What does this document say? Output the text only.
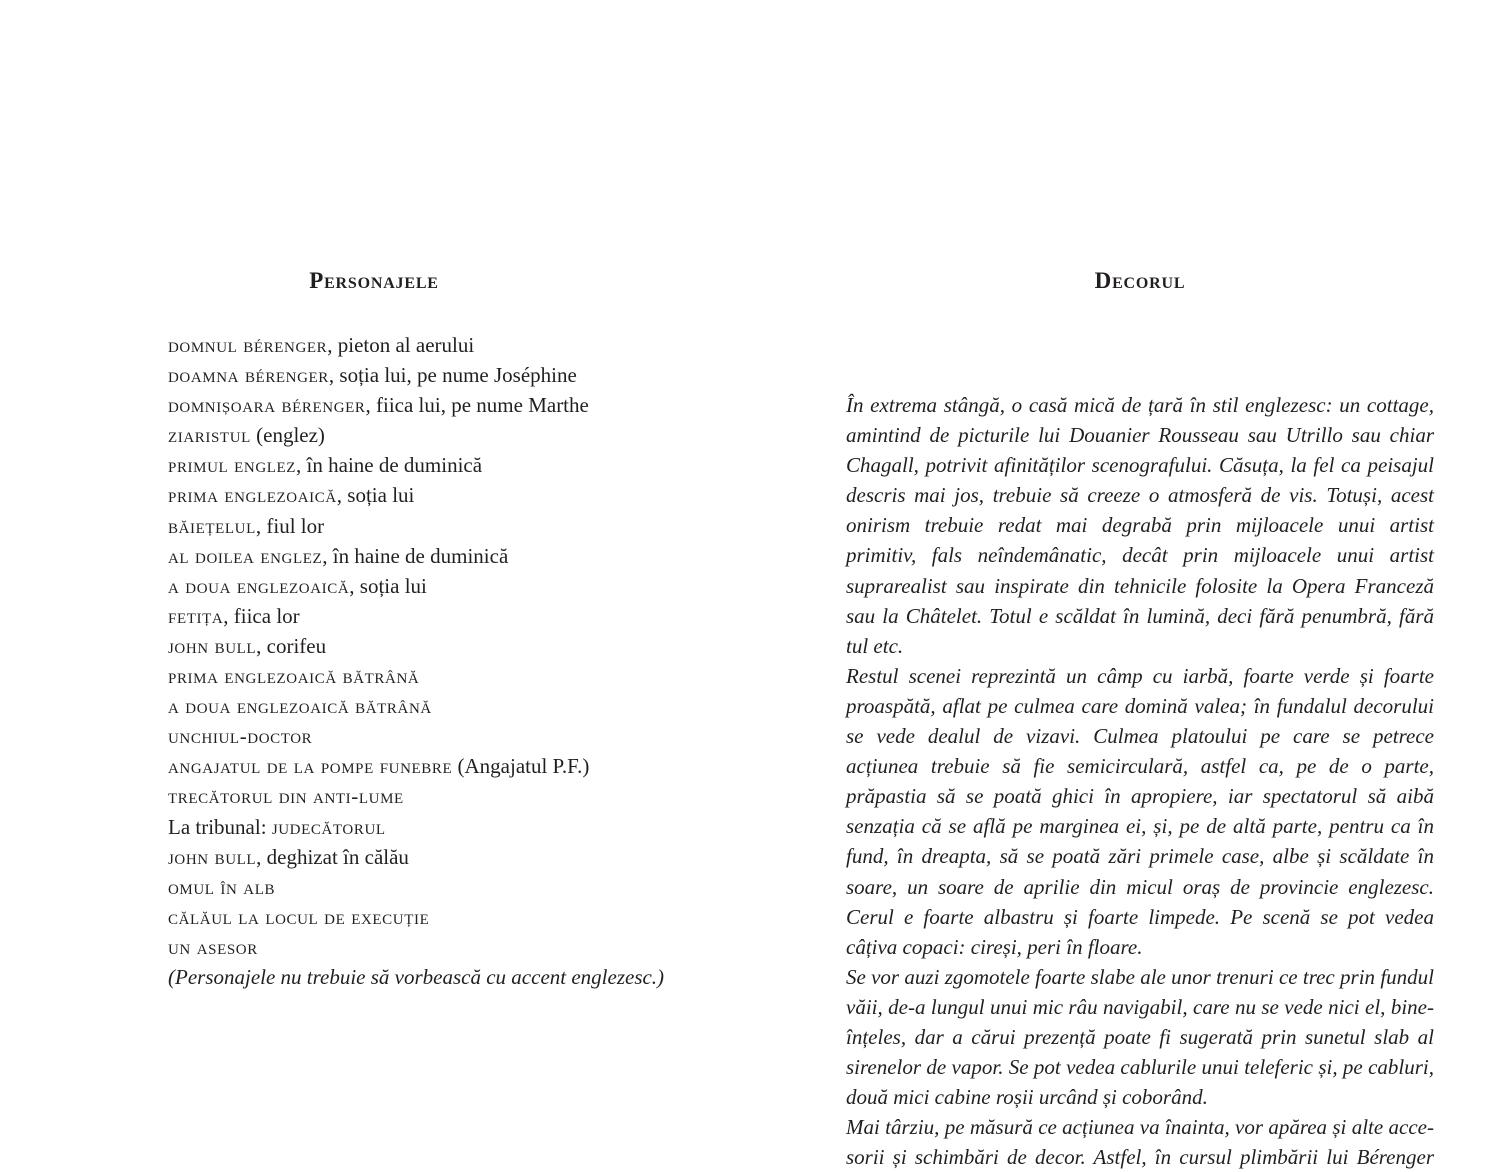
Personajele
domnul bérenger, pieton al aerului
doamna bérenger, soția lui, pe nume Joséphine
domnișoara bérenger, fiica lui, pe nume Marthe
ziaristul (englez)
primul englez, în haine de duminică
prima englezoaică, soția lui
băiețelul, fiul lor
al doilea englez, în haine de duminică
a doua englezoaică, soția lui
fetița, fiica lor
john bull, corifeu
prima englezoaică bătrână
a doua englezoaică bătrână
unchiul-doctor
angajatul de la pompe funebre (Angajatul P.F.)
trecătorul din anti-lume
La tribunal: judecătorul
john bull, deghizat în călău
omul în alb
călăul la locul de execuție
un asesor
(Personajele nu trebuie să vorbească cu accent englezesc.)
Decorul

În extrema stângă, o casă mică de țară în stil englezesc: un cottage, amintind de picturile lui Douanier Rousseau sau Utrillo sau chiar Chagall, potrivit afinităților scenografului. Căsuța, la fel ca peisajul descris mai jos, trebuie să creeze o atmosferă de vis. Totuși, acest onirism trebuie redat mai degrabă prin mijloacele unui artist primitiv, fals neîndemânatic, decât prin mijloacele unui artist suprarealist sau inspirate din tehnicile folosite la Opera Franceză sau la Châtelet. Totul e scăldat în lumină, deci fără penumbră, fără tul etc.

Restul scenei reprezintă un câmp cu iarbă, foarte verde și foarte proaspătă, aflat pe culmea care domină valea; în fundalul decorului se vede dealul de vizavi. Culmea platoului pe care se petrece acțiunea trebuie să fie semicirculară, astfel ca, pe de o parte, prăpastia să se poată ghici în apropiere, iar spectatorul să aibă senzația că se află pe marginea ei, și, pe de altă parte, pentru ca în fund, în dreapta, să se poată zări primele case, albe și scăldate în soare, un soare de aprilie din micul oraș de provincie englezesc. Cerul e foarte albastru și foarte limpede. Pe scenă se pot vedea câțiva copaci: cireși, peri în floare.

Se vor auzi zgomotele foarte slabe ale unor trenuri ce trec prin fundul văii, de-a lungul unui mic râu navigabil, care nu se vede nici el, bineînțeles, dar a cărui prezență poate fi sugerată prin sunetul slab al sirenelor de vapor. Se pot vedea cablurile unui teleferic și, pe cabluri, două mici cabine roșii urcând și coborând.

Mai târziu, pe măsură ce acțiunea va înainta, vor apărea și alte accesorii și schimbări de decor. Astfel, în cursul plimbării lui Bérenger
